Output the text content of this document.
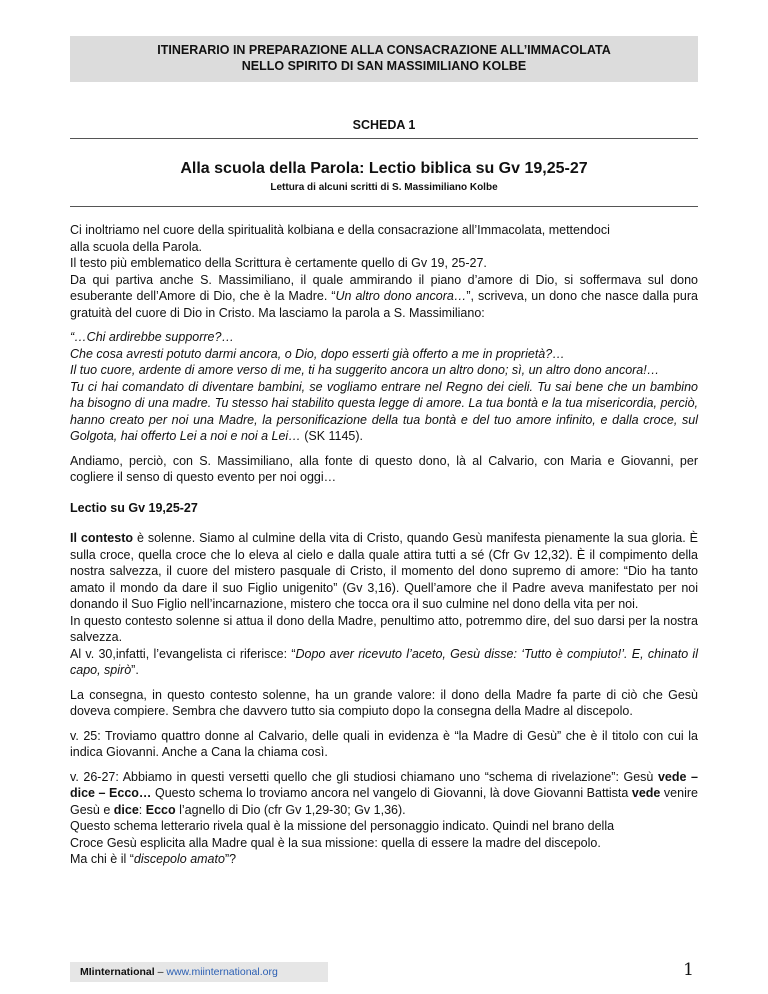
ITINERARIO IN PREPARAZIONE ALLA CONSACRAZIONE ALL’IMMACOLATA
NELLO SPIRITO DI SAN MASSIMILIANO KOLBE
SCHEDA 1
Alla scuola della Parola: Lectio biblica su Gv 19,25-27
Lettura di alcuni scritti di S. Massimiliano Kolbe

Ci inoltriamo nel cuore della spiritualità kolbiana e della consacrazione all’Immacolata, mettendoci
alla scuola della Parola.
Il testo più emblematico della Scrittura è certamente quello di Gv 19, 25-27.
Da qui partiva anche S. Massimiliano, il quale ammirando il piano d’amore di Dio, si soffermava sul dono esuberante dell’Amore di Dio, che è la Madre. “Un altro dono ancora…”, scriveva, un dono che nasce dalla pura gratuità del cuore di Dio in Cristo. Ma lasciamo la parola a S. Massimiliano:

“…Chi ardirebbe supporre?…
Che cosa avresti potuto darmi ancora, o Dio, dopo esserti già offerto a me in proprietà?…
Il tuo cuore, ardente di amore verso di me, ti ha suggerito ancora un altro dono; sì, un altro dono ancora!…
Tu ci hai comandato di diventare bambini, se vogliamo entrare nel Regno dei cieli. Tu sai bene che un bambino ha bisogno di una madre. Tu stesso hai stabilito questa legge di amore. La tua bontà e la tua misericordia, perciò, hanno creato per noi una Madre, la personificazione della tua bontà e del tuo amore infinito, e dalla croce, sul Golgota, hai offerto Lei a noi e noi a Lei… (SK 1145).

Andiamo, perciò, con S. Massimiliano, alla fonte di questo dono, là al Calvario, con Maria e Giovanni, per cogliere il senso di questo evento per noi oggi…

Lectio su Gv 19,25-27

Il contesto è solenne. Siamo al culmine della vita di Cristo, quando Gesù manifesta pienamente la sua gloria. È sulla croce, quella croce che lo eleva al cielo e dalla quale attira tutti a sé (Cfr Gv 12,32). È il compimento della nostra salvezza, il cuore del mistero pasquale di Cristo, il momento del dono supremo di amore: “Dio ha tanto amato il mondo da dare il suo Figlio unigenito” (Gv 3,16). Quell’amore che il Padre aveva manifestato per noi donando il Suo Figlio nell’incarnazione, mistero che tocca ora il suo culmine nel dono della vita per noi.
In questo contesto solenne si attua il dono della Madre, penultimo atto, potremmo dire, del suo darsi per la nostra salvezza.
Al v. 30,infatti, l’evangelista ci riferisce: “Dopo aver ricevuto l’aceto, Gesù disse: ‘Tutto è compiuto!’. E, chinato il capo, spirò”.

La consegna, in questo contesto solenne, ha un grande valore: il dono della Madre fa parte di ciò che Gesù doveva compiere. Sembra che davvero tutto sia compiuto dopo la consegna della Madre al discepolo.

v. 25: Troviamo quattro donne al Calvario, delle quali in evidenza è “la Madre di Gesù” che è il titolo con cui la indica Giovanni. Anche a Cana la chiama così.

v. 26-27: Abbiamo in questi versetti quello che gli studiosi chiamano uno “schema di rivelazione”: Gesù vede – dice – Ecco… Questo schema lo troviamo ancora nel vangelo di Giovanni, là dove Giovanni Battista vede venire Gesù e dice: Ecco l’agnello di Dio (cfr Gv 1,29-30; Gv 1,36).
Questo schema letterario rivela qual è la missione del personaggio indicato. Quindi nel brano della
Croce Gesù esplicita alla Madre qual è la sua missione: quella di essere la madre del discepolo.
Ma chi è il “discepolo amato”?

MIinternational – www.miinternational.org	1
